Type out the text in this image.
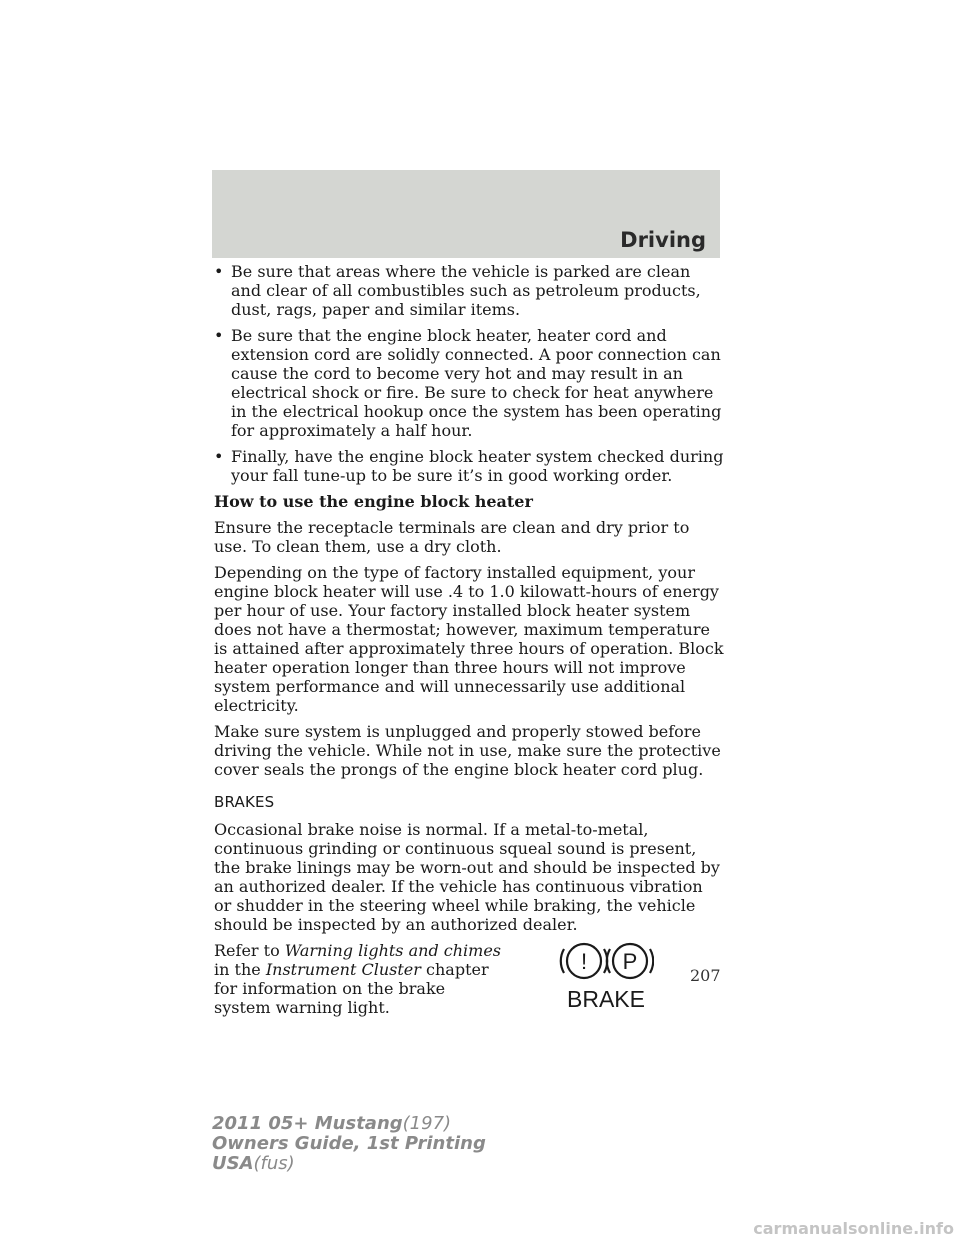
Driving
• Be sure that areas where the vehicle is parked are clean and clear of all combustibles such as petroleum products, dust, rags, paper and similar items.
• Be sure that the engine block heater, heater cord and extension cord are solidly connected. A poor connection can cause the cord to become very hot and may result in an electrical shock or fire. Be sure to check for heat anywhere in the electrical hookup once the system has been operating for approximately a half hour.
• Finally, have the engine block heater system checked during your fall tune-up to be sure it’s in good working order.
How to use the engine block heater
Ensure the receptacle terminals are clean and dry prior to use. To clean them, use a dry cloth.
Depending on the type of factory installed equipment, your engine block heater will use .4 to 1.0 kilowatt-hours of energy per hour of use. Your factory installed block heater system does not have a thermostat; however, maximum temperature is attained after approximately three hours of operation. Block heater operation longer than three hours will not improve system performance and will unnecessarily use additional electricity.
Make sure system is unplugged and properly stowed before driving the vehicle. While not in use, make sure the protective cover seals the prongs of the engine block heater cord plug.
BRAKES
Occasional brake noise is normal. If a metal-to-metal, continuous grinding or continuous squeal sound is present, the brake linings may be worn-out and should be inspected by an authorized dealer. If the vehicle has continuous vibration or shudder in the steering wheel while braking, the vehicle should be inspected by an authorized dealer.
Refer to Warning lights and chimes in the Instrument Cluster chapter for information on the brake system warning light.
! P
BRAKE
207
2011 05+ Mustang(197)
Owners Guide, 1st Printing
USA(fus)
carmanualsonline.info
